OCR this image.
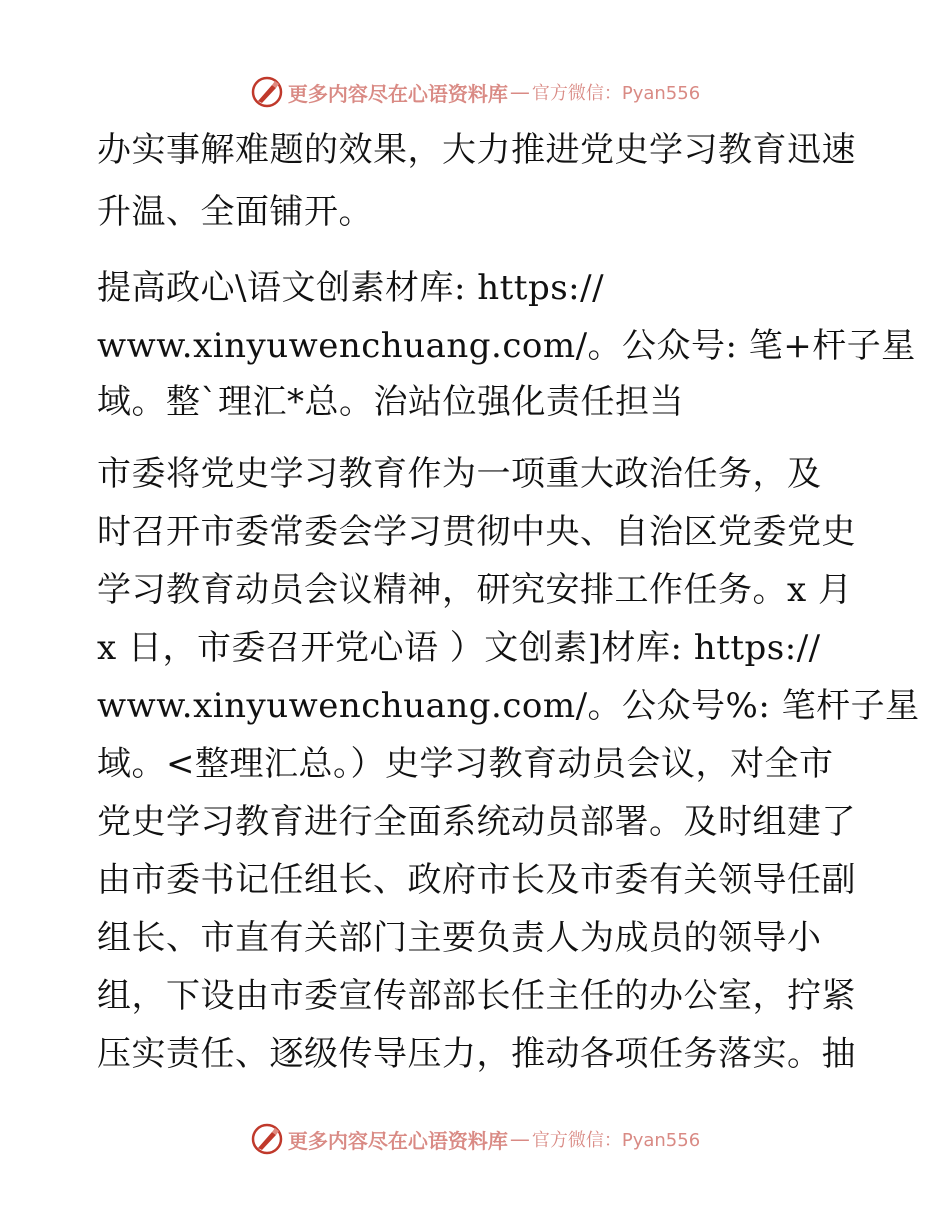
更多内容尽在心语资料库 — 官方微信：Pyan556

办实事解难题的效果，大力推进党史学习教育迅速

升温、全面铺开。

提高政心\语文创素材库: https://

www.xinyuwenchuang.com/。公众号: 笔+杆子星

域。整`理汇*总。治站位强化责任担当

市委将党史学习教育作为一项重大政治任务，及

时召开市委常委会学习贯彻中央、自治区党委党史

学习教育动员会议精神，研究安排工作任务。x 月

x 日，市委召开党心语 ）文创素]材库: https://

www.xinyuwenchuang.com/。公众号%: 笔杆子星

域。<整理汇总。）史学习教育动员会议，对全市

党史学习教育进行全面系统动员部署。及时组建了

由市委书记任组长、政府市长及市委有关领导任副

组长、市直有关部门主要负责人为成员的领导小

组，下设由市委宣传部部长任主任的办公室，拧紧

压实责任、逐级传导压力，推动各项任务落实。抽

更多内容尽在心语资料库 — 官方微信：Pyan556
